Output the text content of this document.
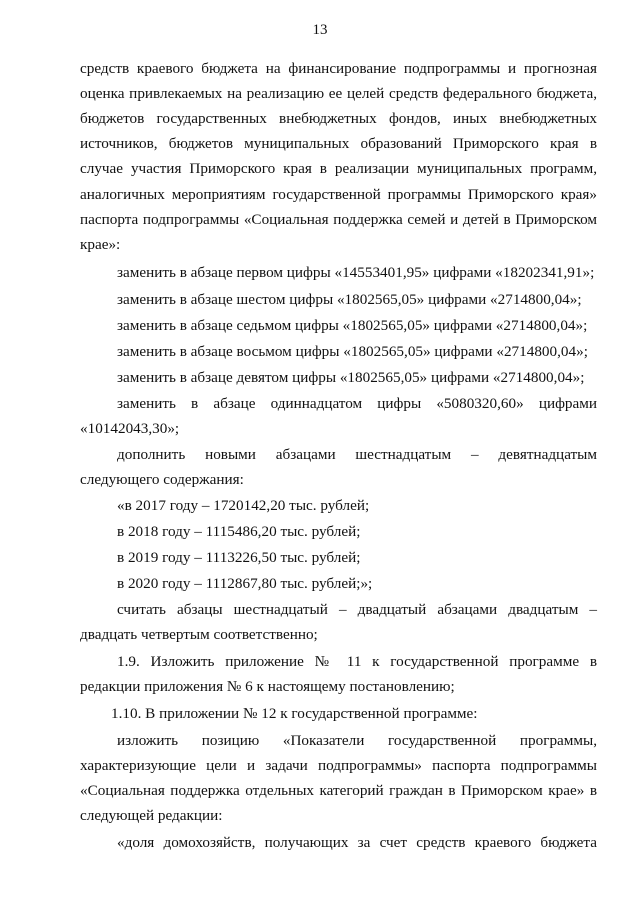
13
средств краевого бюджета на финансирование подпрограммы и прогнозная
оценка привлекаемых на реализацию ее целей средств федерального бюджета,
бюджетов государственных внебюджетных фондов, иных внебюджетных
источников, бюджетов муниципальных образований Приморского края в
случае участия Приморского края в реализации муниципальных программ,
аналогичных мероприятиям государственной программы Приморского края»
паспорта подпрограммы «Социальная поддержка семей и детей в Приморском
крае»:
заменить в абзаце первом цифры «14553401,95» цифрами «18202341,91»;
заменить в абзаце шестом цифры «1802565,05» цифрами «2714800,04»;
заменить в абзаце седьмом цифры «1802565,05» цифрами «2714800,04»;
заменить в абзаце восьмом цифры «1802565,05» цифрами «2714800,04»;
заменить в абзаце девятом цифры «1802565,05» цифрами «2714800,04»;
заменить в абзаце одиннадцатом цифры «5080320,60» цифрами
«10142043,30»;
дополнить новыми абзацами шестнадцатым – девятнадцатым
следующего содержания:
«в 2017 году – 1720142,20 тыс. рублей;
в 2018 году – 1115486,20 тыс. рублей;
в 2019 году – 1113226,50 тыс. рублей;
в 2020 году – 1112867,80 тыс. рублей;»;
считать абзацы шестнадцатый – двадцатый абзацами двадцатым –
двадцать четвертым соответственно;
1.9. Изложить приложение № 11 к государственной программе в
редакции приложения № 6 к настоящему постановлению;
1.10. В приложении № 12 к государственной программе:
изложить позицию «Показатели государственной программы,
характеризующие цели и задачи подпрограммы» паспорта подпрограммы
«Социальная поддержка отдельных категорий граждан в Приморском крае» в
следующей редакции:
«доля домохозяйств, получающих за счет средств краевого бюджета
